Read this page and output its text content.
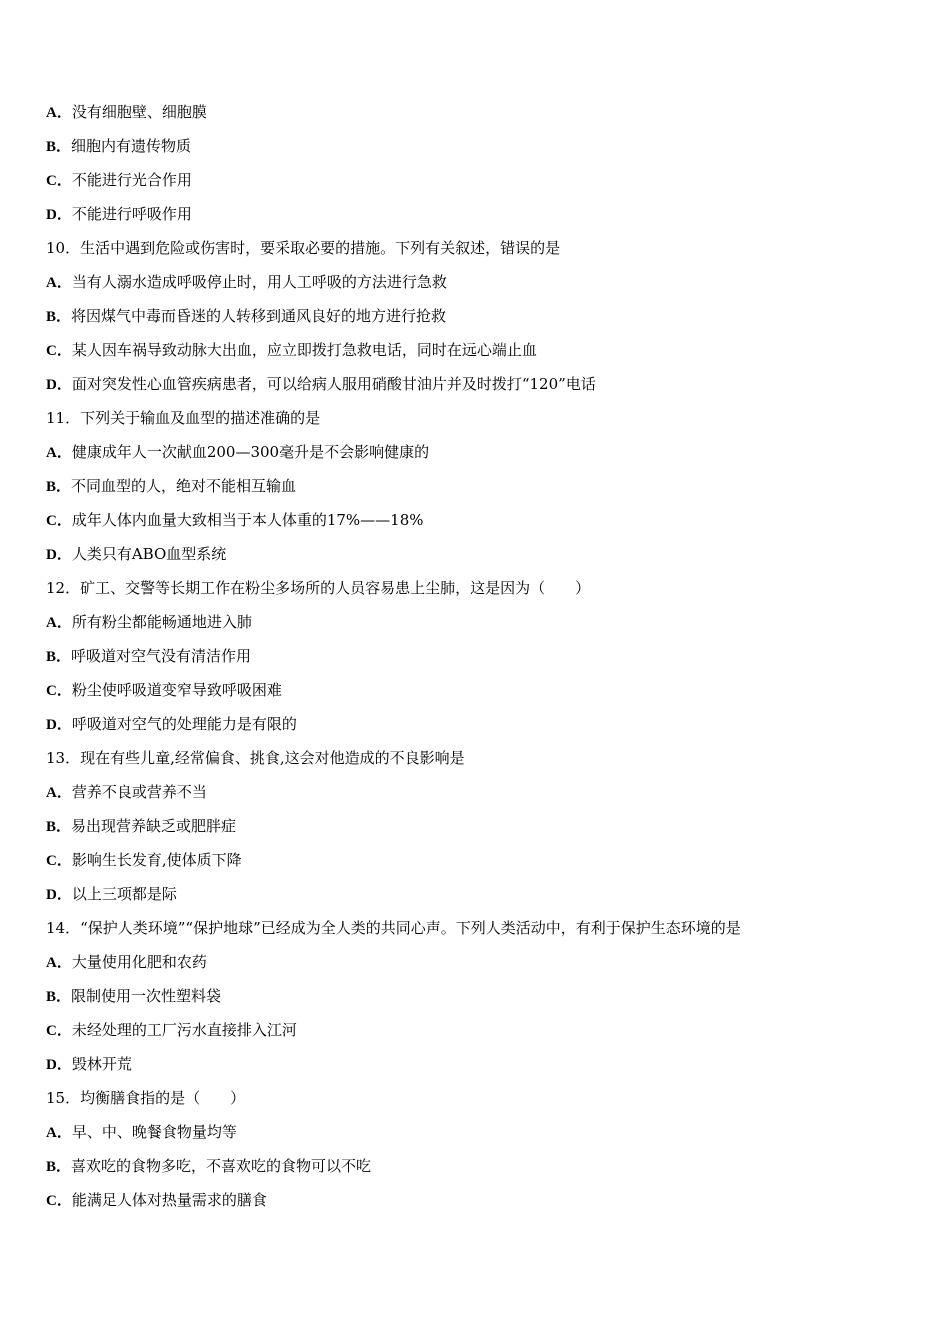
A．没有细胞壁、细胞膜
B．细胞内有遗传物质
C．不能进行光合作用
D．不能进行呼吸作用
10．生活中遇到危险或伤害时，要采取必要的措施。下列有关叙述，错误的是
A．当有人溺水造成呼吸停止时，用人工呼吸的方法进行急救
B．将因煤气中毒而昏迷的人转移到通风良好的地方进行抢救
C．某人因车祸导致动脉大出血，应立即拨打急救电话，同时在远心端止血
D．面对突发性心血管疾病患者，可以给病人服用硝酸甘油片并及时拨打“120”电话
11．下列关于输血及血型的描述准确的是
A．健康成年人一次献血200—300毫升是不会影响健康的
B．不同血型的人，绝对不能相互输血
C．成年人体内血量大致相当于本人体重的17%——18%
D．人类只有ABO血型系统
12．矿工、交警等长期工作在粉尘多场所的人员容易患上尘肺，这是因为（　　）
A．所有粉尘都能畅通地进入肺
B．呼吸道对空气没有清洁作用
C．粉尘使呼吸道变窄导致呼吸困难
D．呼吸道对空气的处理能力是有限的
13．现在有些儿童,经常偏食、挑食,这会对他造成的不良影响是
A．营养不良或营养不当
B．易出现营养缺乏或肥胖症
C．影响生长发育,使体质下降
D．以上三项都是际
14．“保护人类环境”“保护地球”已经成为全人类的共同心声。下列人类活动中，有利于保护生态环境的是
A．大量使用化肥和农药
B．限制使用一次性塑料袋
C．未经处理的工厂污水直接排入江河
D．毁林开荒
15．均衡膳食指的是（　　）
A．早、中、晚餐食物量均等
B．喜欢吃的食物多吃，不喜欢吃的食物可以不吃
C．能满足人体对热量需求的膳食
